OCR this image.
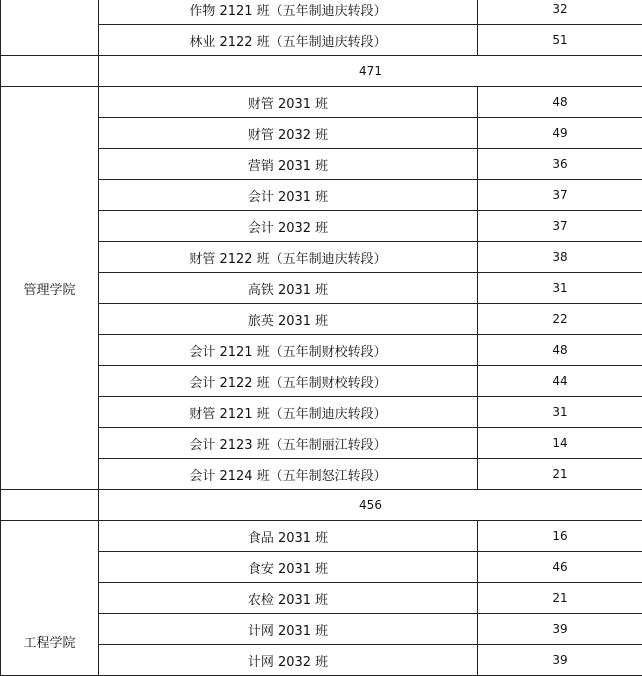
	作物 2121 班（五年制迪庆转段）	32
	林业 2122 班（五年制迪庆转段）	51
	471	
管理学院	财管 2031 班	48
	财管 2032 班	49
	营销 2031 班	36
	会计 2031 班	37
	会计 2032 班	37
	财管 2122 班（五年制迪庆转段）	38
	高铁 2031 班	31
	旅英 2031 班	22
	会计 2121 班（五年制财校转段）	48
	会计 2122 班（五年制财校转段）	44
	财管 2121 班（五年制迪庆转段）	31
	会计 2123 班（五年制丽江转段）	14
	会计 2124 班（五年制怒江转段）	21
	456	

工程学院	食品 2031 班	16
	食安 2031 班	46
	农检 2031 班	21
	计网 2031 班	39
	计网 2032 班	39
